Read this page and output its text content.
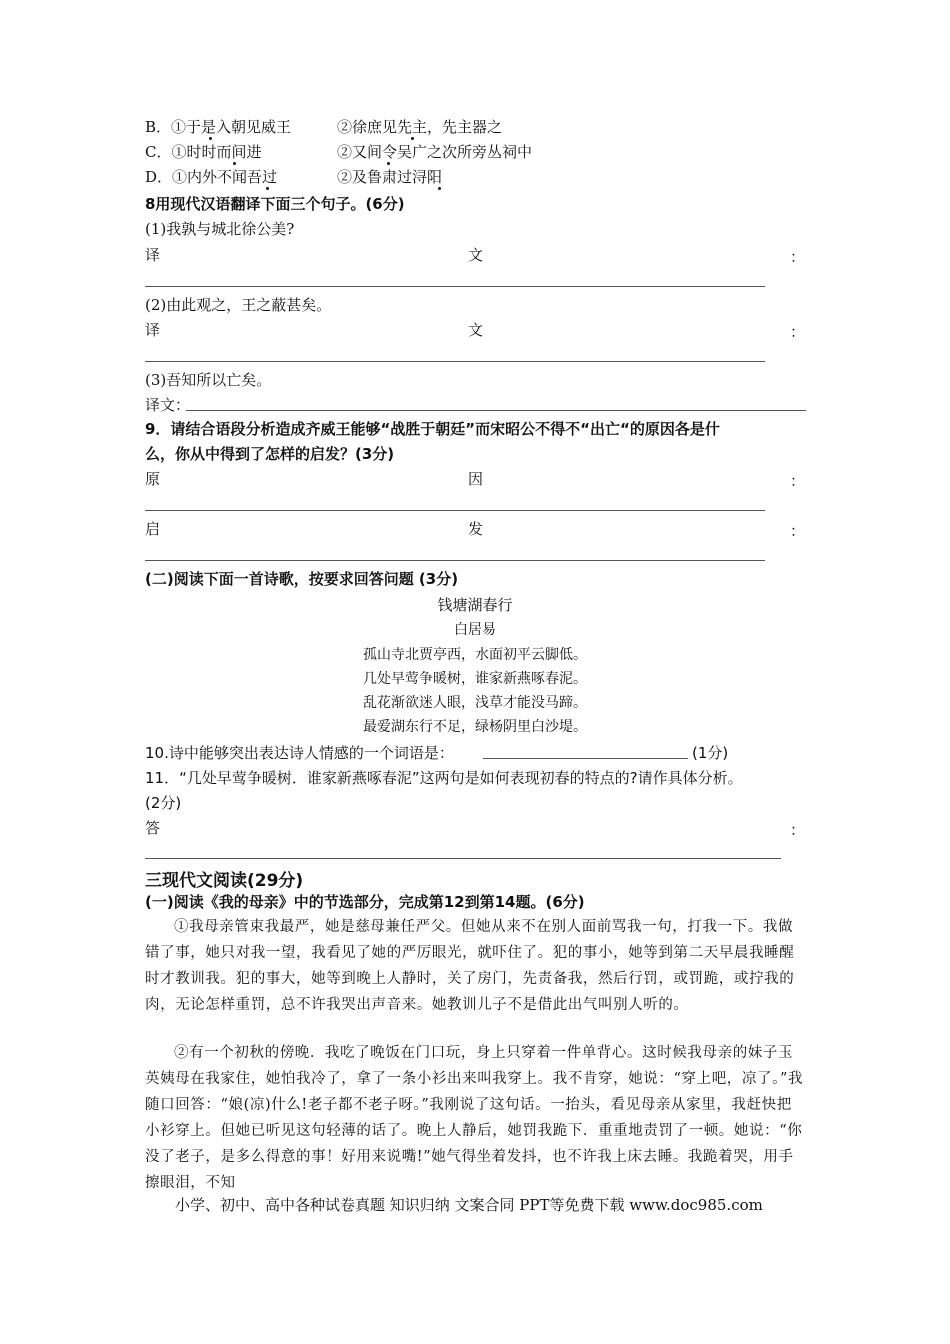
B．①于是入朝见威王	②徐庶见先主，先主器之
C．①时时而间进	②又间令吴广之次所旁丛祠中
D．①内外不闻吾过	②及鲁肃过浔阳
8用现代汉语翻译下面三个句子。(6分)
(1)我孰与城北徐公美?
译	文	：
(2)由此观之，王之蔽甚矣。
译	文	：
(3)吾知所以亡矣。
译文：
9．请结合语段分析造成齐威王能够“战胜于朝廷”而宋昭公不得不“出亡“的原因各是什
么，你从中得到了怎样的启发？(3分)
原	因	：
启	发	：
(二)阅读下面一首诗歌，按要求回答问题 (3分)
钱塘湖春行
白居易
孤山寺北贾亭西，水面初平云脚低。
几处早莺争暖树，谁家新燕啄春泥。
乱花渐欲迷人眼，浅草才能没马蹄。
最爱湖东行不足，绿杨阴里白沙堤。
10.诗中能够突出表达诗人情感的一个词语是：	(1分)
11．“几处早莺争暖树．谁家新燕啄春泥”这两句是如何表现初春的特点的?请作具体分析。
(2分)
答	：
三现代文阅读(29分)
(一)阅读《我的母亲》中的节选部分，完成第12到第14题。(6分)
①我母亲管束我最严，她是慈母兼任严父。但她从来不在别人面前骂我一句，打我一下。我做错了事，她只对我一望，我看见了她的严厉眼光，就吓住了。犯的事小，她等到第二天早晨我睡醒时才教训我。犯的事大，她等到晚上人静时，关了房门，先责备我，然后行罚，或罚跪，或拧我的肉，无论怎样重罚，总不许我哭出声音来。她教训儿子不是借此出气叫别人听的。
②有一个初秋的傍晚．我吃了晚饭在门口玩，身上只穿着一件单背心。这时候我母亲的妹子玉英姨母在我家住，她怕我冷了，拿了一条小衫出来叫我穿上。我不肯穿，她说：“穿上吧，凉了。”我随口回答：“娘(凉)什么!老子都不老子呀。”我刚说了这句话。一抬头，看见母亲从家里，我赶快把小衫穿上。但她已听见这句轻薄的话了。晚上人静后，她罚我跪下．重重地责罚了一顿。她说：“你没了老子，是多么得意的事！好用来说嘴!”她气得坐着发抖，也不许我上床去睡。我跪着哭，用手擦眼泪，不知
小学、初中、高中各种试卷真题 知识归纳 文案合同 PPT等免费下载 www.doc985.com
